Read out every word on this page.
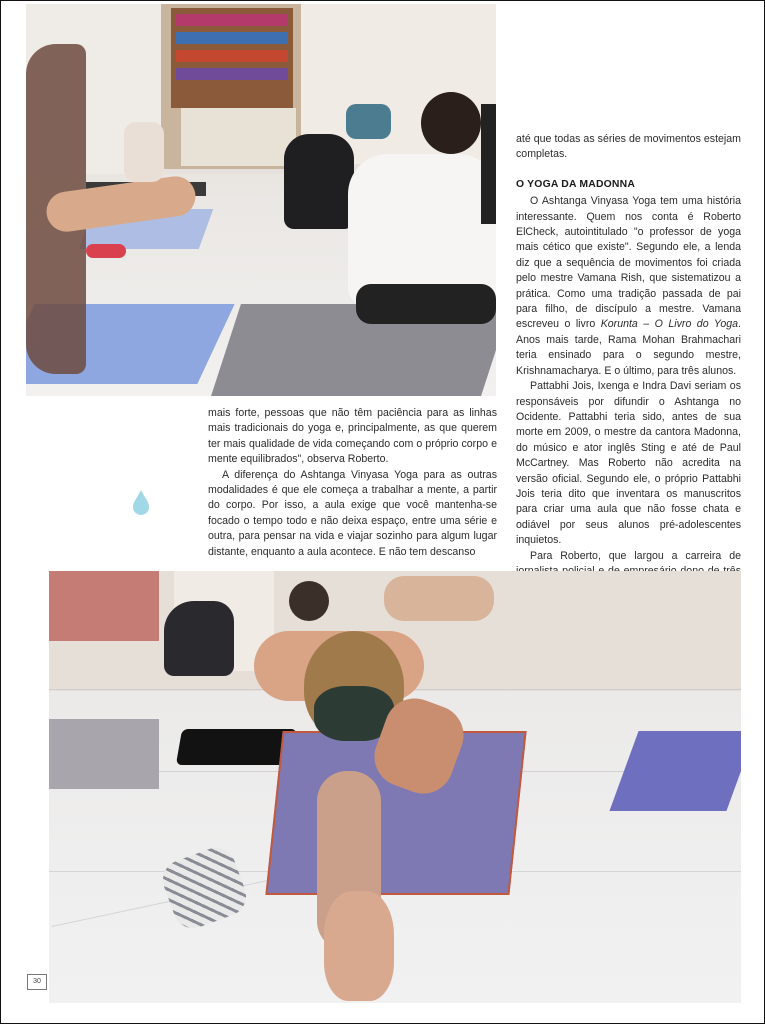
até que todas as séries de movimentos estejam completas.

O YOGA DA MADONNA

O Ashtanga Vinyasa Yoga tem uma história interessante. Quem nos conta é Roberto ElCheck, autointitulado "o professor de yoga mais cético que existe". Segundo ele, a lenda diz que a sequência de movimentos foi criada pelo mestre Vamana Rish, que sistematizou a prática. Como uma tradição passada de pai para filho, de discípulo a mestre. Vamana escreveu o livro Korunta – O Livro do Yoga. Anos mais tarde, Rama Mohan Brahmachari teria ensinado para o segundo mestre, Krishnamacharya. E o último, para três alunos.

Pattabhi Jois, Ixenga e Indra Davi seriam os responsáveis por difundir o Ashtanga no Ocidente. Pattabhi teria sido, antes de sua morte em 2009, o mestre da cantora Madonna, do músico e ator inglês Sting e até de Paul McCartney. Mas Roberto não acredita na versão oficial. Segundo ele, o próprio Pattabhi Jois teria dito que inventara os manuscritos para criar uma aula que não fosse chata e odiável por seus alunos pré-adolescentes inquietos.

Para Roberto, que largou a carreira de

mais forte, pessoas que não têm paciência para as linhas mais tradicionais do yoga e, principalmente, as que querem ter mais qualidade de vida começando com o próprio corpo e mente equilibrados", observa Roberto.

A diferença do Ashtanga Vinyasa Yoga para as outras modalidades é que ele começa a trabalhar a mente, a partir do corpo. Por isso, a aula exige que você mantenha-se focado o tempo todo e não deixa espaço, entre uma série e outra, para pensar na vida e viajar sozinho para algum lugar distante, enquanto a aula acontece. E não tem descanso

30
